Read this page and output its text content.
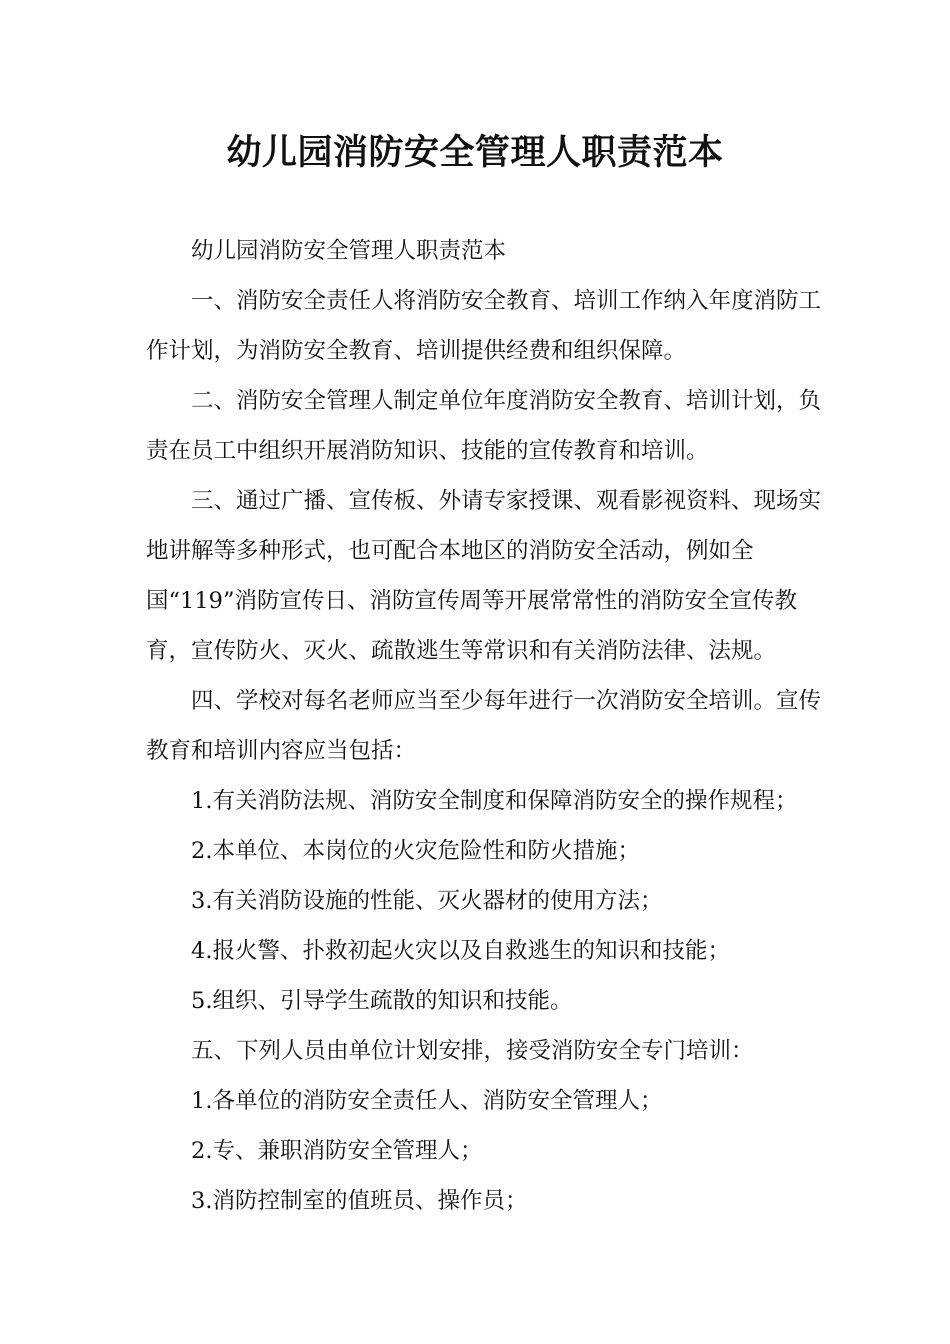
幼儿园消防安全管理人职责范本

幼儿园消防安全管理人职责范本

一、消防安全责任人将消防安全教育、培训工作纳入年度消防工作计划，为消防安全教育、培训提供经费和组织保障。

二、消防安全管理人制定单位年度消防安全教育、培训计划，负责在员工中组织开展消防知识、技能的宣传教育和培训。

三、通过广播、宣传板、外请专家授课、观看影视资料、现场实地讲解等多种形式，也可配合本地区的消防安全活动，例如全国“119”消防宣传日、消防宣传周等开展常常性的消防安全宣传教育，宣传防火、灭火、疏散逃生等常识和有关消防法律、法规。

四、学校对每名老师应当至少每年进行一次消防安全培训。宣传教育和培训内容应当包括：

1.有关消防法规、消防安全制度和保障消防安全的操作规程；

2.本单位、本岗位的火灾危险性和防火措施；

3.有关消防设施的性能、灭火器材的使用方法；

4.报火警、扑救初起火灾以及自救逃生的知识和技能；

5.组织、引导学生疏散的知识和技能。

五、下列人员由单位计划安排，接受消防安全专门培训：

1.各单位的消防安全责任人、消防安全管理人；

2.专、兼职消防安全管理人；

3.消防控制室的值班员、操作员；
